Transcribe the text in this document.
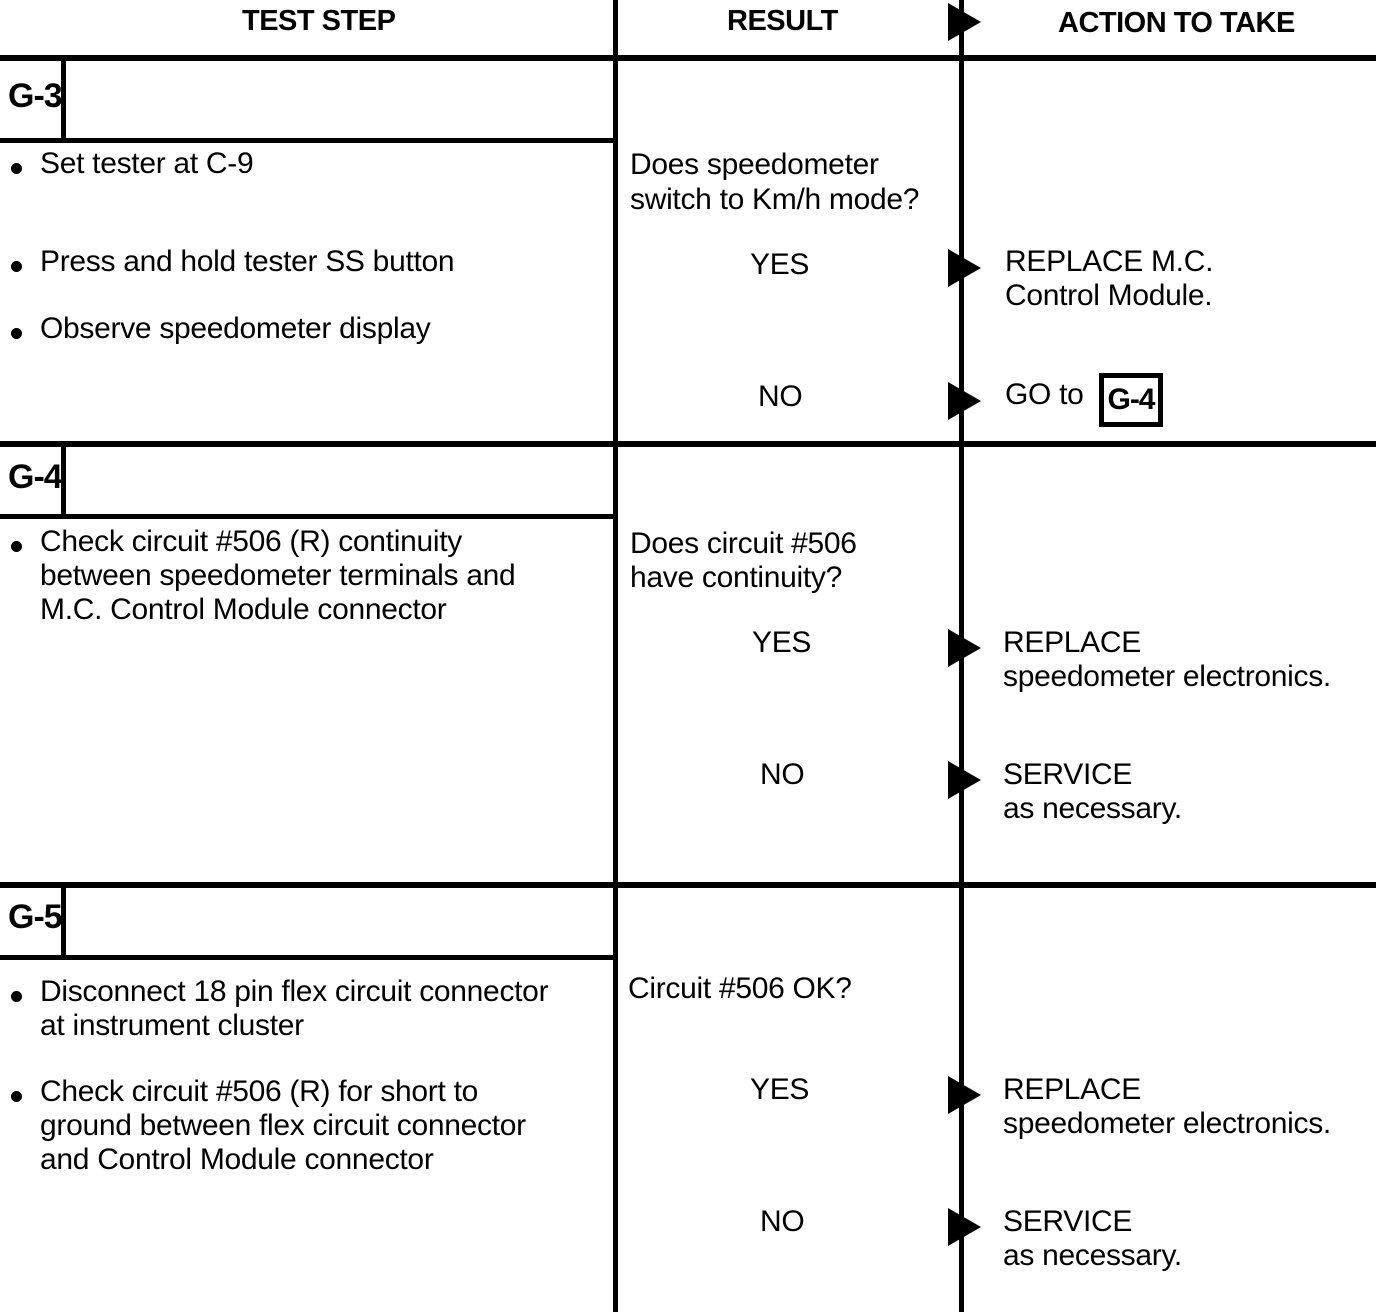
TEST STEP	RESULT	ACTION TO TAKE
G-3
Set tester at C-9
Press and hold tester SS button
Observe speedometer display
Does speedometer
switch to Km/h mode?
YES	REPLACE M.C.
Control Module.
NO	GO to G-4
G-4
Check circuit #506 (R) continuity
between speedometer terminals and
M.C. Control Module connector
Does circuit #506
have continuity?
YES	REPLACE
speedometer electronics.
NO	SERVICE
as necessary.
G-5
Disconnect 18 pin flex circuit connector
at instrument cluster
Check circuit #506 (R) for short to
ground between flex circuit connector
and Control Module connector
Circuit #506 OK?
YES	REPLACE
speedometer electronics.
NO	SERVICE
as necessary.
